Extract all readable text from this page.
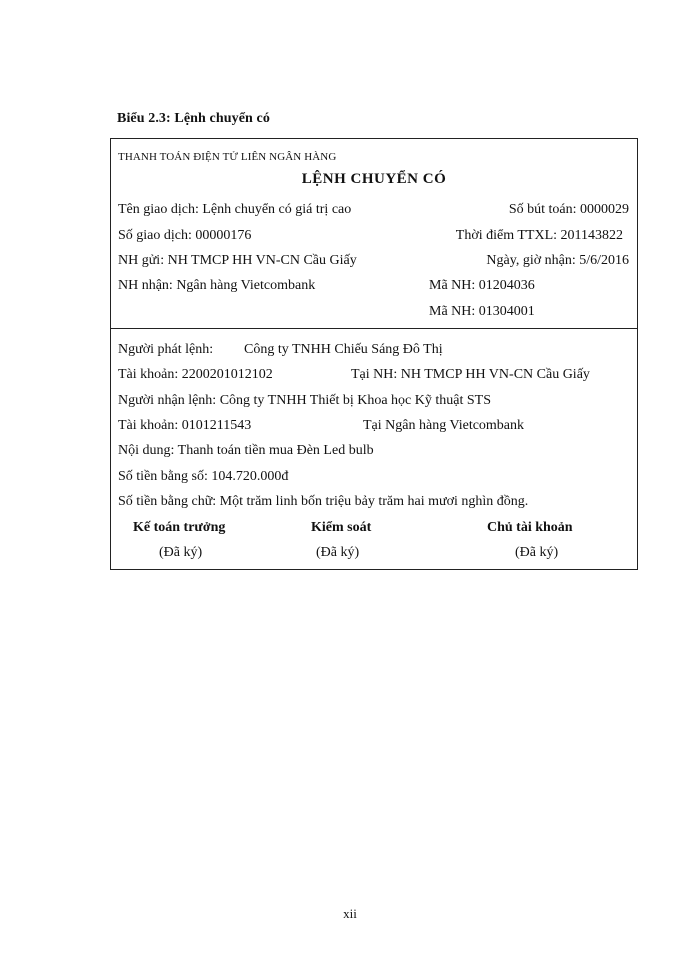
Biểu 2.3: Lệnh chuyển có
THANH TOÁN ĐIỆN TỬ LIÊN NGÂN HÀNG
LỆNH CHUYỂN CÓ
Tên giao dịch: Lệnh chuyển có giá trị cao	Số bút toán: 0000029
Số giao dịch: 00000176	Thời điểm TTXL: 201143822
NH gửi: NH TMCP HH VN-CN Cầu Giấy	Ngày, giờ nhận: 5/6/2016
NH nhận: Ngân hàng Vietcombank	Mã NH: 01204036
Mã NH: 01304001
Người phát lệnh: Công ty TNHH Chiếu Sáng Đô Thị
Tài khoản: 2200201012102	Tại NH: NH TMCP HH VN-CN Cầu Giấy
Người nhận lệnh: Công ty TNHH Thiết bị Khoa học Kỹ thuật STS
Tài khoản: 0101211543	Tại Ngân hàng Vietcombank
Nội dung: Thanh toán tiền mua Đèn Led bulb
Số tiền bằng số: 104.720.000đ
Số tiền bằng chữ: Một trăm linh bốn triệu bảy trăm hai mươi nghìn đồng.
Kế toán trưởng	Kiểm soát	Chủ tài khoản
(Đã ký)	(Đã ký)	(Đã ký)
xii
